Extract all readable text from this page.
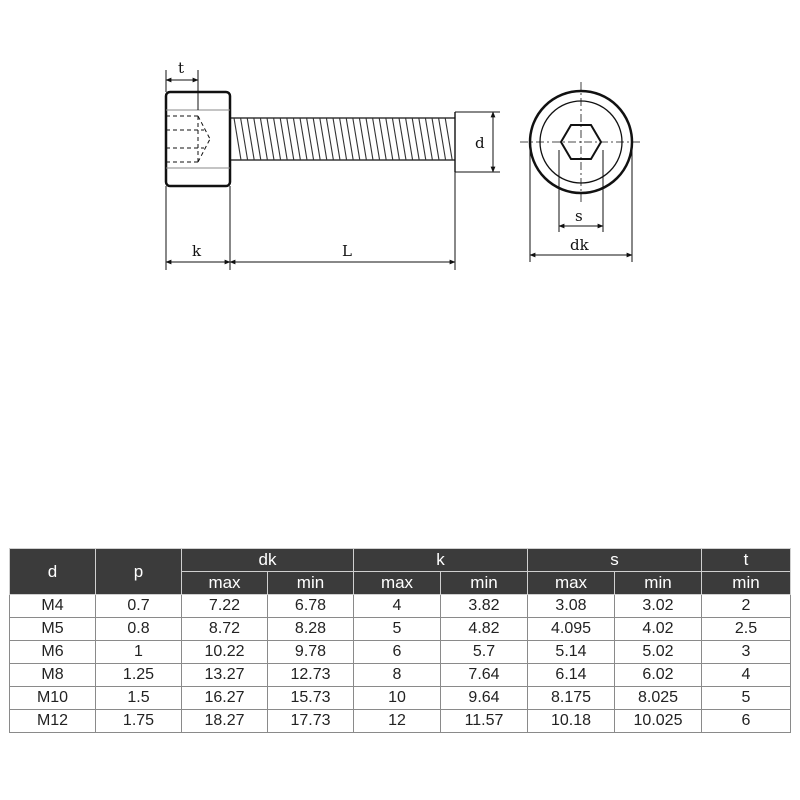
t
d
k	L
s
dk
d	p	dk		k		s		t
		max	min	max	min	max	min	min
M4	0.7	7.22	6.78	4	3.82	3.08	3.02	2
M5	0.8	8.72	8.28	5	4.82	4.095	4.02	2.5
M6	1	10.22	9.78	6	5.7	5.14	5.02	3
M8	1.25	13.27	12.73	8	7.64	6.14	6.02	4
M10	1.5	16.27	15.73	10	9.64	8.175	8.025	5
M12	1.75	18.27	17.73	12	11.57	10.18	10.025	6
